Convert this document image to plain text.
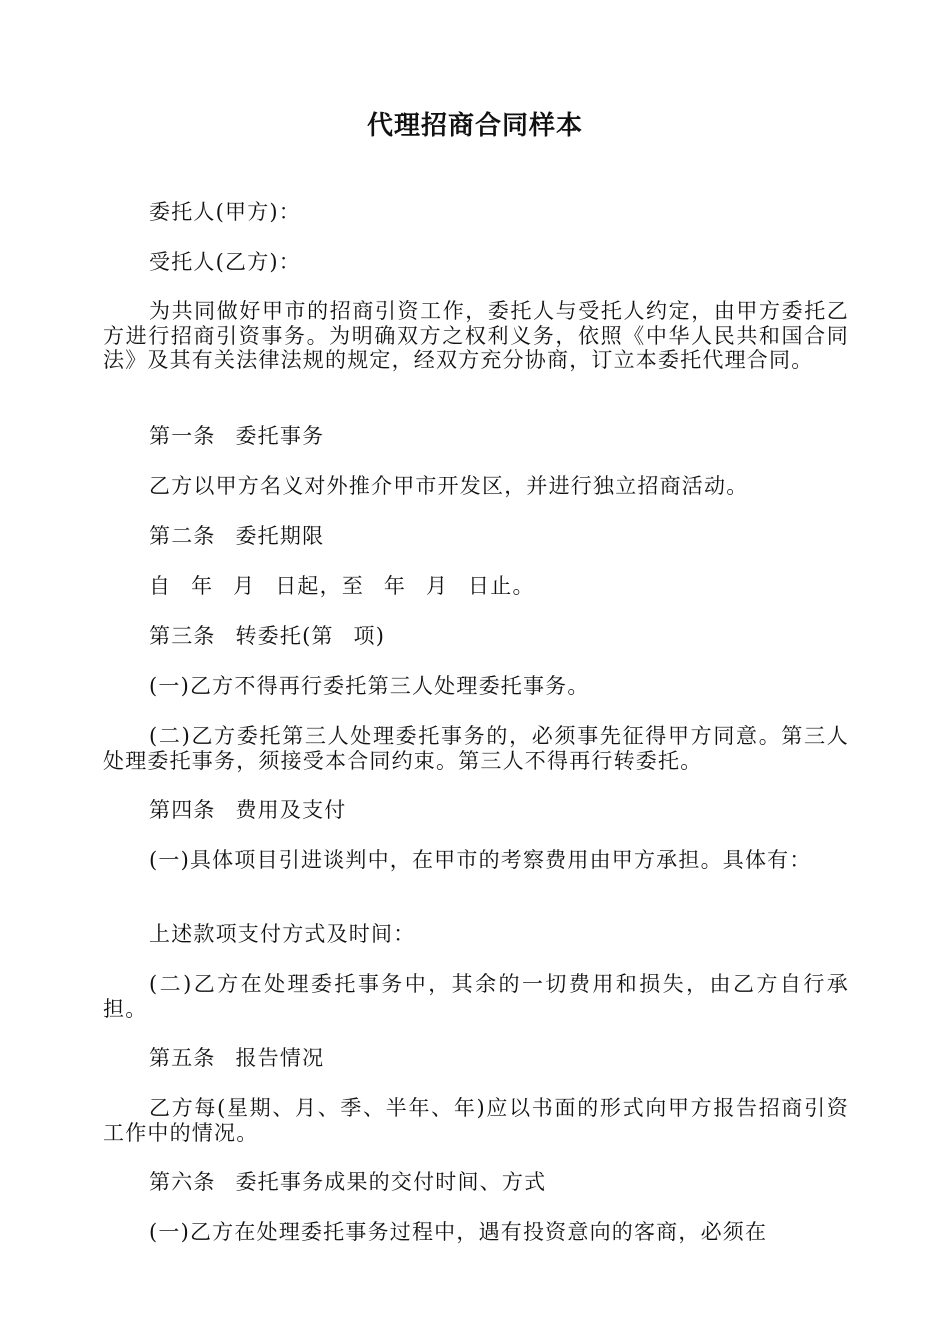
代理招商合同样本

委托人(甲方)：

受托人(乙方)：

为共同做好甲市的招商引资工作，委托人与受托人约定，由甲方委托乙方进行招商引资事务。为明确双方之权利义务，依照《中华人民共和国合同法》及其有关法律法规的规定，经双方充分协商，订立本委托代理合同。

第一条 委托事务

乙方以甲方名义对外推介甲市开发区，并进行独立招商活动。

第二条 委托期限

自 年 月 日起，至 年 月 日止。

第三条 转委托(第 项)

(一)乙方不得再行委托第三人处理委托事务。

(二)乙方委托第三人处理委托事务的，必须事先征得甲方同意。第三人处理委托事务，须接受本合同约束。第三人不得再行转委托。

第四条 费用及支付

(一)具体项目引进谈判中，在甲市的考察费用由甲方承担。具体有：

上述款项支付方式及时间：

(二)乙方在处理委托事务中，其余的一切费用和损失，由乙方自行承担。

第五条 报告情况

乙方每(星期、月、季、半年、年)应以书面的形式向甲方报告招商引资工作中的情况。

第六条 委托事务成果的交付时间、方式

(一)乙方在处理委托事务过程中，遇有投资意向的客商，必须在
